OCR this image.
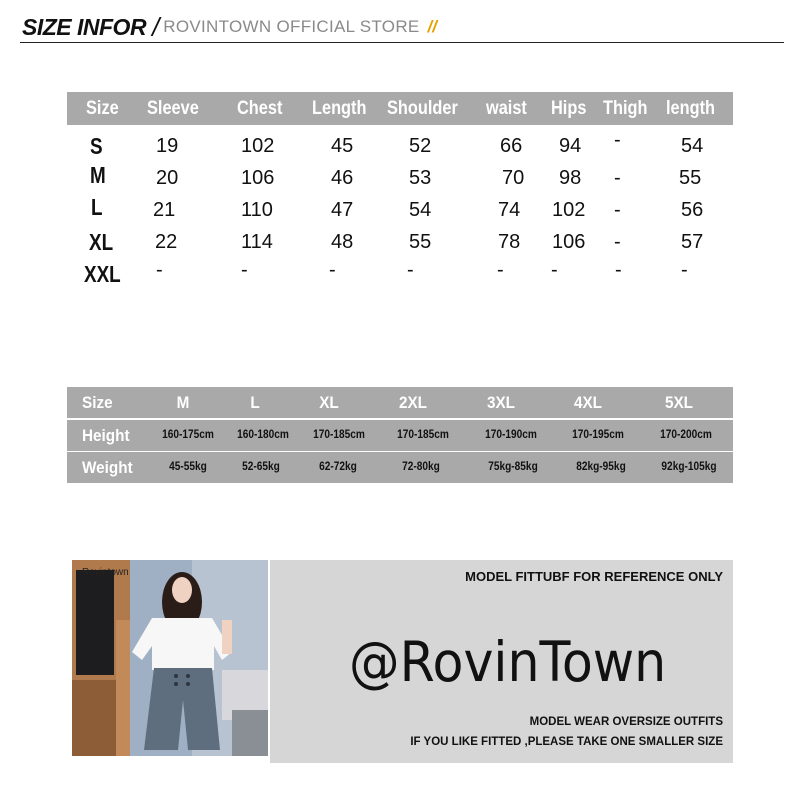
SIZE INFOR / ROVINTOWN OFFICIAL STORE //
Size Sleeve Chest Length Shoulder waist Hips Thigh length
S	19	102	45	52	66 94 -	54
M	20	106	46	53	70 98 -	55
L	21	110	47	54	74 102 -	56
XL 22	114	48	55	78 106 -	57
XXL -	-	-	-	- -	-	-
Size	M	L	XL	2XL	3XL	4XL	5XL
Height	160-175cm 160-180cm 170-185cm	170-185cm	170-190cm	170-195cm	170-200cm
Weight	45-55kg	52-65kg	62-72kg	72-80kg	75kg-85kg	82kg-95kg	92kg-105kg
Rovintown	MODEL FITTUBF FOR REFERENCE ONLY
@RovinTown
MODEL WEAR OVERSIZE OUTFITS
IF YOU LIKE FITTED ,PLEASE TAKE ONE SMALLER SIZE
